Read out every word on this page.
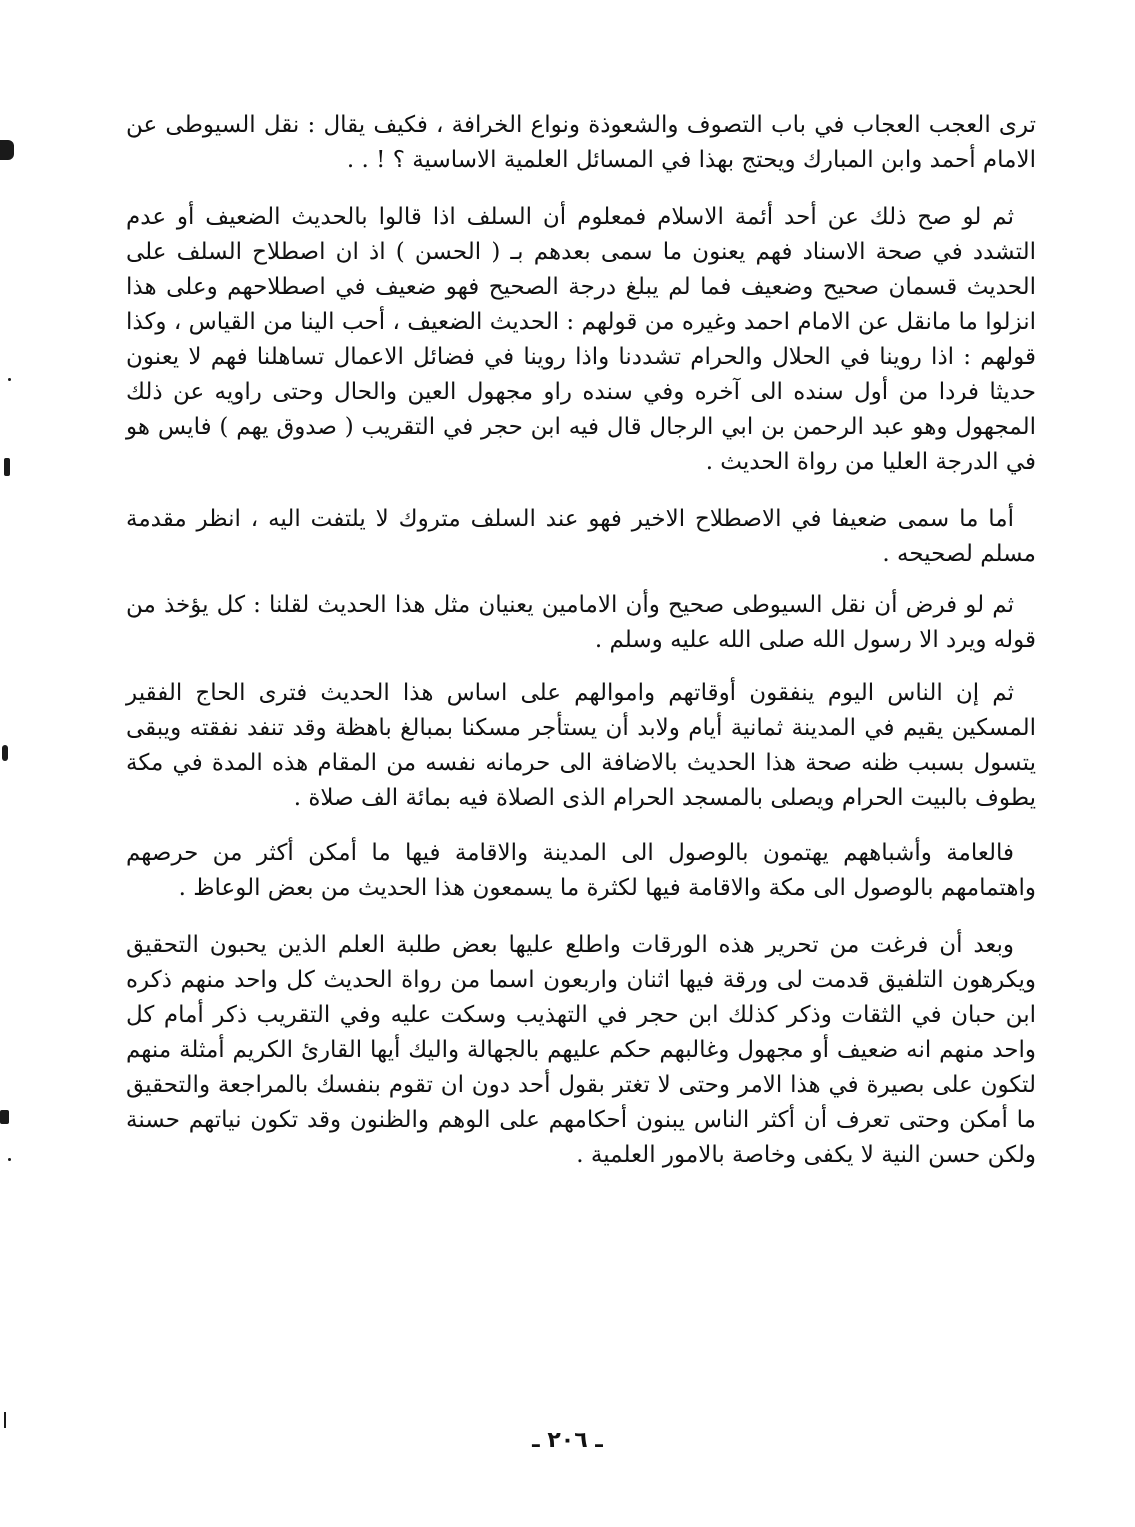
ترى العجب العجاب في باب التصوف والشعوذة ونواع الخرافة ، فكيف يقال : نقل السيوطى عن الامام أحمد وابن المبارك ويحتج بهذا في المسائل العلمية الاساسية ؟ ! . .

ثم لو صح ذلك عن أحد أئمة الاسلام فمعلوم أن السلف اذا قالوا بالحديث الضعيف أو عدم التشدد في صحة الاسناد فهم يعنون ما سمى بعدهم بـ ( الحسن ) اذ ان اصطلاح السلف على الحديث قسمان صحيح وضعيف فما لم يبلغ درجة الصحيح فهو ضعيف في اصطلاحهم وعلى هذا انزلوا ما مانقل عن الامام احمد وغيره من قولهم : الحديث الضعيف ، أحب الينا من القياس ، وكذا قولهم : اذا روينا في الحلال والحرام تشددنا واذا روينا في فضائل الاعمال تساهلنا فهم لا يعنون حديثا فردا من أول سنده الى آخره وفي سنده راو مجهول العين والحال وحتى راويه عن ذلك المجهول وهو عبد الرحمن بن ابي الرجال قال فيه ابن حجر في التقريب ( صدوق يهم ) فايس هو في الدرجة العليا من رواة الحديث .

أما ما سمى ضعيفا في الاصطلاح الاخير فهو عند السلف متروك لا يلتفت اليه ، انظر مقدمة مسلم لصحيحه .

ثم لو فرض أن نقل السيوطى صحيح وأن الامامين يعنيان مثل هذا الحديث لقلنا : كل يؤخذ من قوله ويرد الا رسول الله صلى الله عليه وسلم .

ثم إن الناس اليوم ينفقون أوقاتهم واموالهم على اساس هذا الحديث فترى الحاج الفقير المسكين يقيم في المدينة ثمانية أيام ولابد أن يستأجر مسكنا بمبالغ باهظة وقد تنفد نفقته ويبقى يتسول بسبب ظنه صحة هذا الحديث بالاضافة الى حرمانه نفسه من المقام هذه المدة في مكة يطوف بالبيت الحرام ويصلى بالمسجد الحرام الذى الصلاة فيه بمائة الف صلاة .

فالعامة وأشباههم يهتمون بالوصول الى المدينة والاقامة فيها ما أمكن أكثر من حرصهم واهتمامهم بالوصول الى مكة والاقامة فيها لكثرة ما يسمعون هذا الحديث من بعض الوعاظ .

وبعد أن فرغت من تحرير هذه الورقات واطلع عليها بعض طلبة العلم الذين يحبون التحقيق ويكرهون التلفيق قدمت لى ورقة فيها اثنان واربعون اسما من رواة الحديث كل واحد منهم ذكره ابن حبان في الثقات وذكر كذلك ابن حجر في التهذيب وسكت عليه وفي التقريب ذكر أمام كل واحد منهم انه ضعيف أو مجهول وغالبهم حكم عليهم بالجهالة واليك أيها القارئ الكريم أمثلة منهم لتكون على بصيرة في هذا الامر وحتى لا تغتر بقول أحد دون ان تقوم بنفسك بالمراجعة والتحقيق ما أمكن وحتى تعرف أن أكثر الناس يبنون أحكامهم على الوهم والظنون وقد تكون نياتهم حسنة ولكن حسن النية لا يكفى وخاصة بالامور العلمية .

ـ ٢٠٦ ـ
